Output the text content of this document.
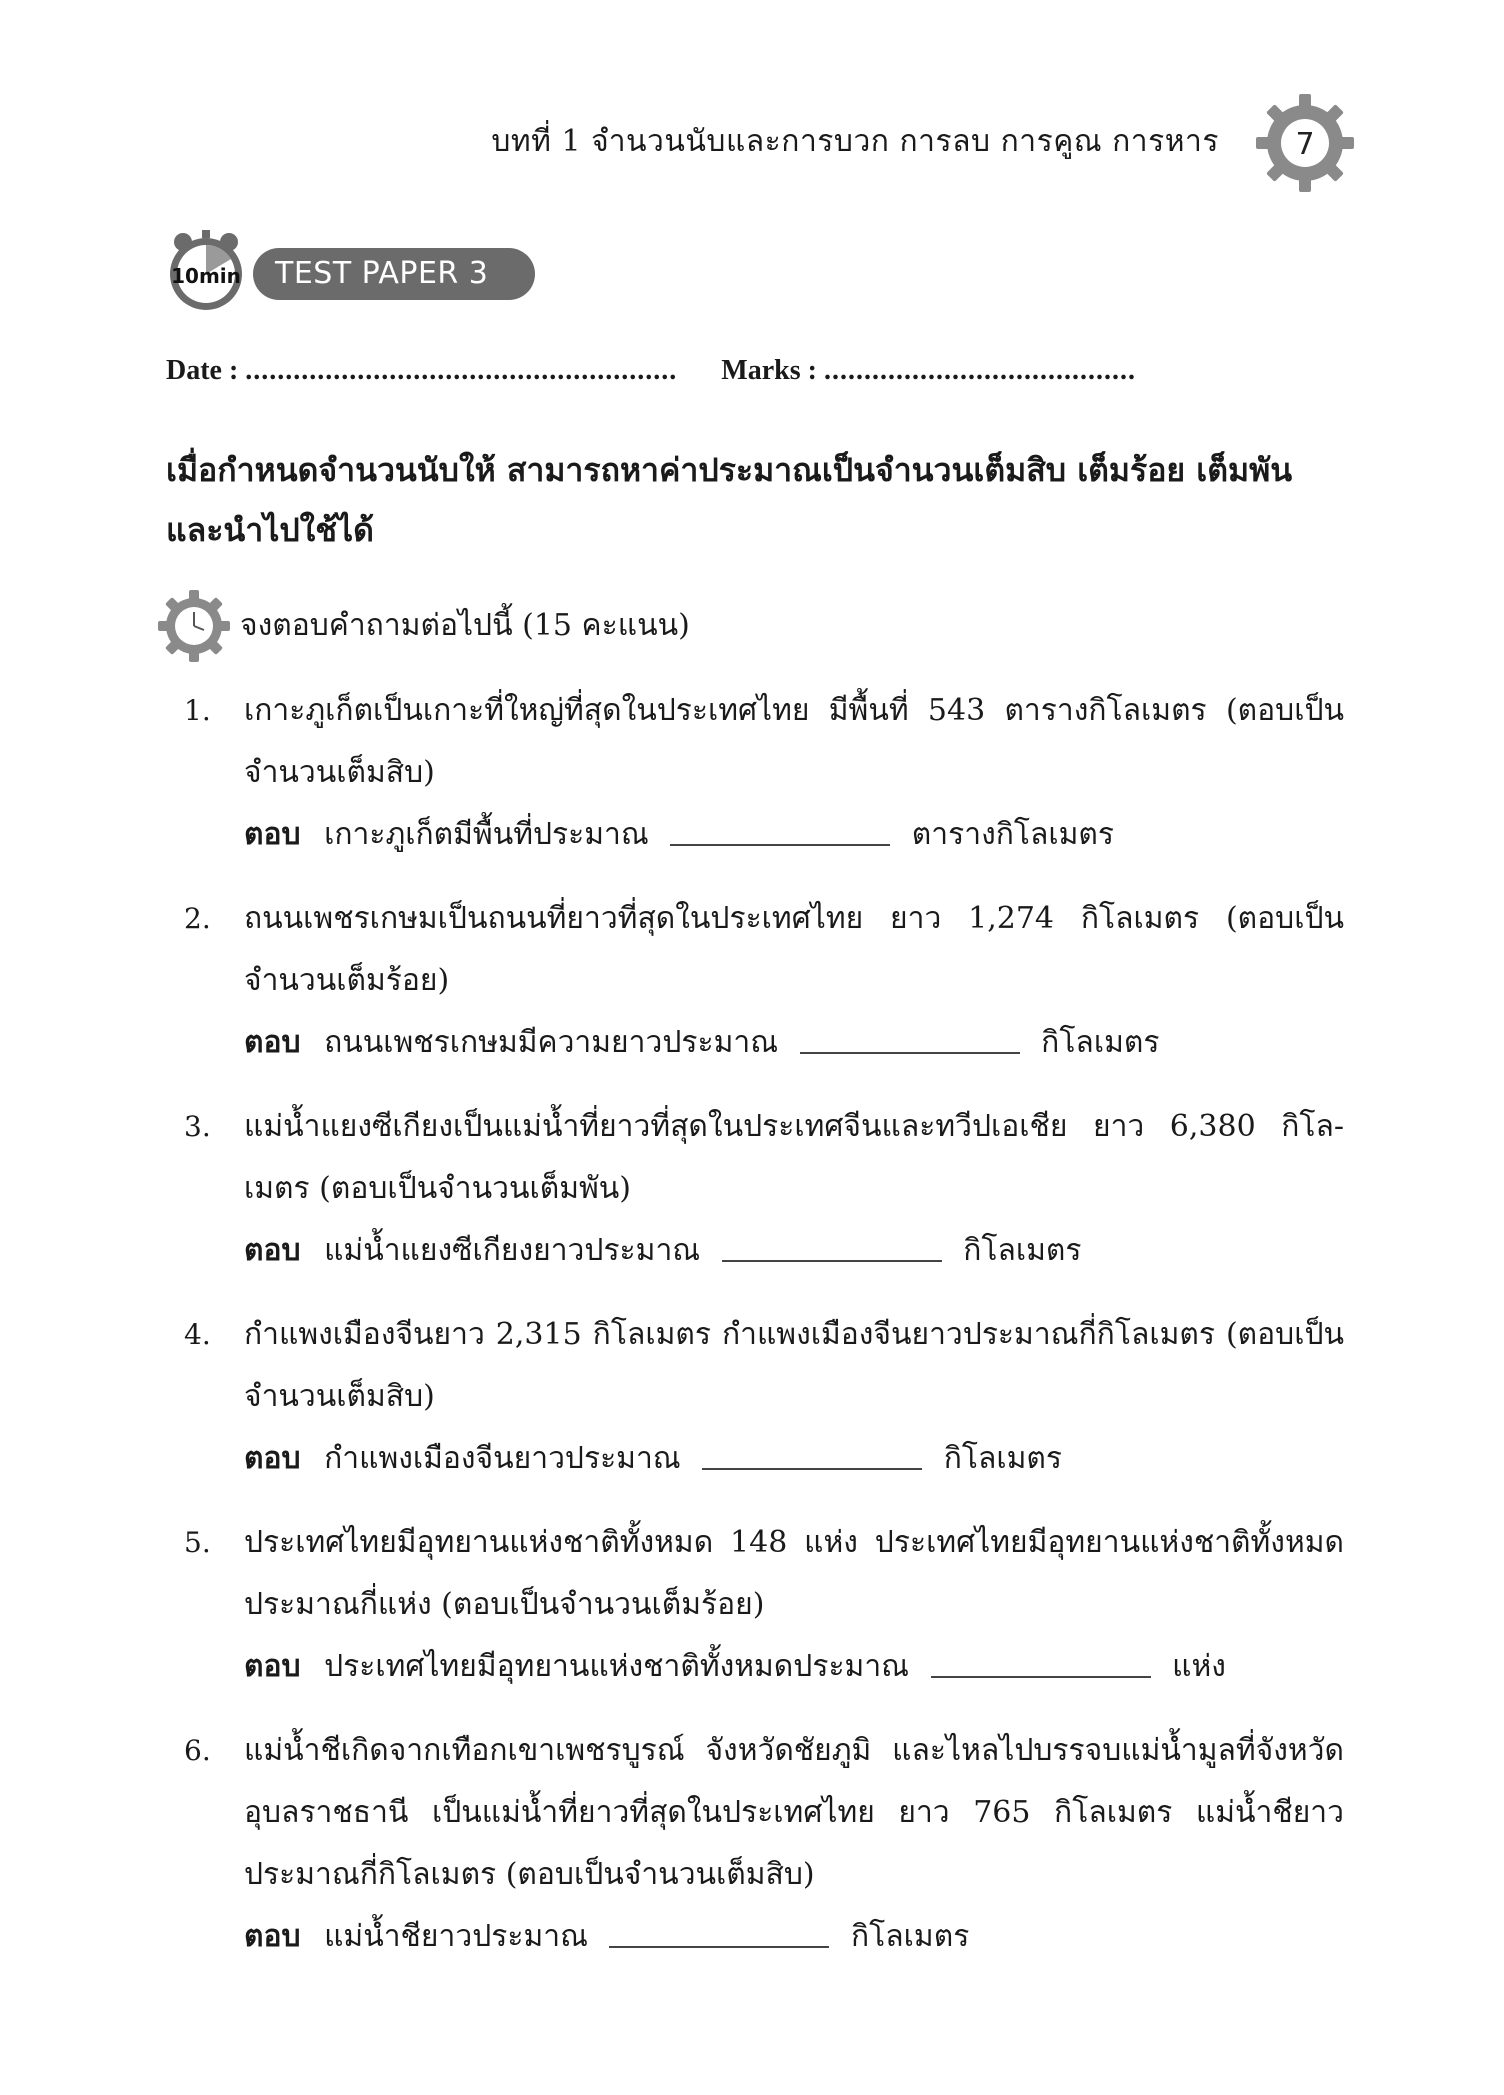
บทที่ 1 จำนวนนับและการบวก การลบ การคูณ การหาร	7
TEST PAPER 3
10min
Date : ...................................................... Marks : .......................................
เมื่อกำหนดจำนวนนับให้ สามารถหาค่าประมาณเป็นจำนวนเต็มสิบ เต็มร้อย เต็มพัน และนำไปใช้ได้
จงตอบคำถามต่อไปนี้ (15 คะแนน)
1. เกาะภูเก็ตเป็นเกาะที่ใหญ่ที่สุดในประเทศไทย มีพื้นที่ 543 ตารางกิโลเมตร (ตอบเป็นจำนวนเต็มสิบ)
ตอบ เกาะภูเก็ตมีพื้นที่ประมาณ	ตารางกิโลเมตร
2. ถนนเพชรเกษมเป็นถนนที่ยาวที่สุดในประเทศไทย ยาว 1,274 กิโลเมตร (ตอบเป็นจำนวนเต็มร้อย)
ตอบ ถนนเพชรเกษมมีความยาวประมาณ	กิโลเมตร
3. แม่น้ำแยงซีเกียงเป็นแม่น้ำที่ยาวที่สุดในประเทศจีนและทวีปเอเชีย ยาว 6,380 กิโล-เมตร (ตอบเป็นจำนวนเต็มพัน)
ตอบ แม่น้ำแยงซีเกียงยาวประมาณ	กิโลเมตร
4. กำแพงเมืองจีนยาว 2,315 กิโลเมตร กำแพงเมืองจีนยาวประมาณกี่กิโลเมตร (ตอบเป็นจำนวนเต็มสิบ)
ตอบ กำแพงเมืองจีนยาวประมาณ	กิโลเมตร
5. ประเทศไทยมีอุทยานแห่งชาติทั้งหมด 148 แห่ง ประเทศไทยมีอุทยานแห่งชาติทั้งหมดประมาณกี่แห่ง (ตอบเป็นจำนวนเต็มร้อย)
ตอบ ประเทศไทยมีอุทยานแห่งชาติทั้งหมดประมาณ	แห่ง
6. แม่น้ำชีเกิดจากเทือกเขาเพชรบูรณ์ จังหวัดชัยภูมิ และไหลไปบรรจบแม่น้ำมูลที่จังหวัดอุบลราชธานี เป็นแม่น้ำที่ยาวที่สุดในประเทศไทย ยาว 765 กิโลเมตร แม่น้ำชียาวประมาณกี่กิโลเมตร (ตอบเป็นจำนวนเต็มสิบ)
ตอบ แม่น้ำชียาวประมาณ	กิโลเมตร
